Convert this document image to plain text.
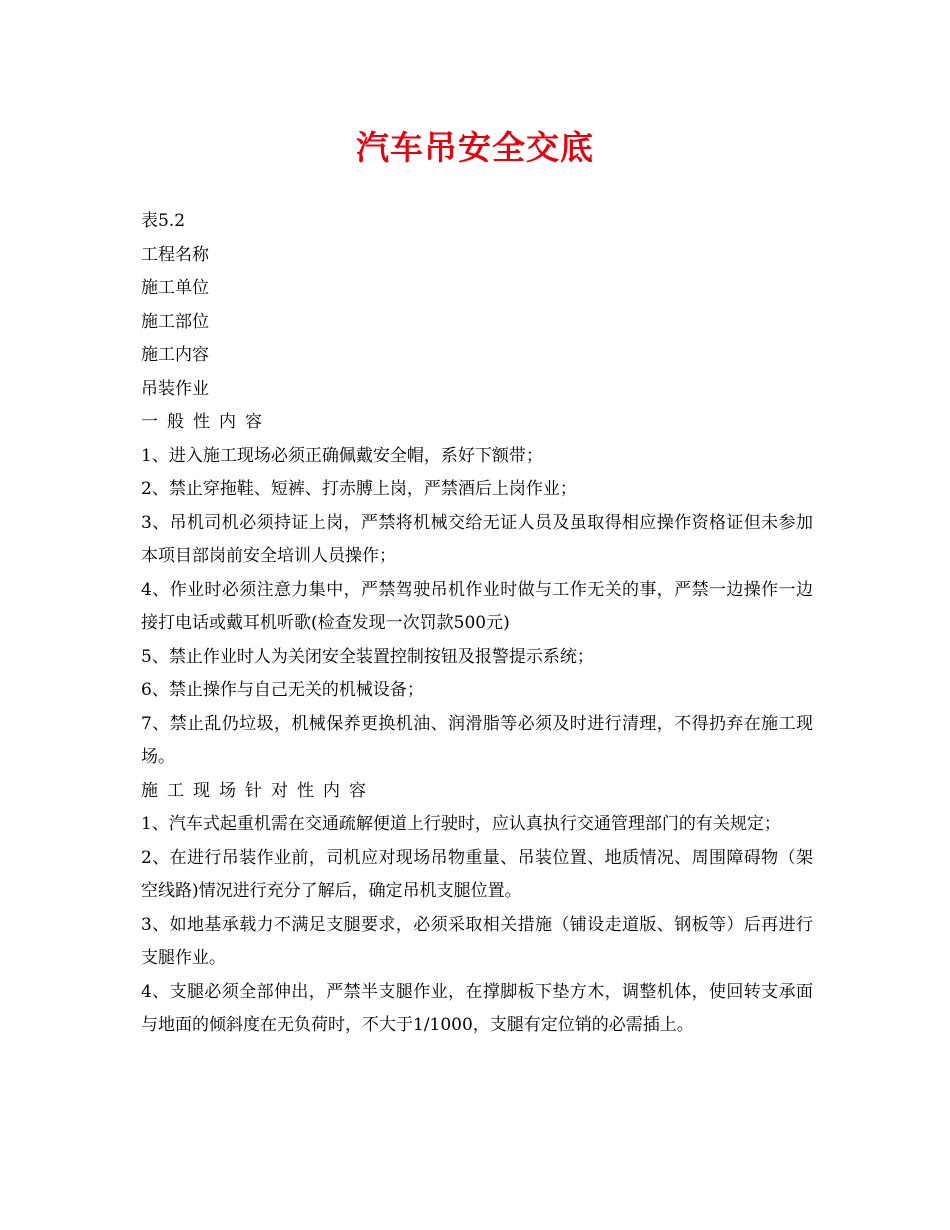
汽车吊安全交底
表5.2
工程名称
施工单位
施工部位
施工内容
吊装作业
一般性内容
1、进入施工现场必须正确佩戴安全帽，系好下额带；
2、禁止穿拖鞋、短裤、打赤膊上岗，严禁酒后上岗作业；
3、吊机司机必须持证上岗，严禁将机械交给无证人员及虽取得相应操作资格证但未参加本项目部岗前安全培训人员操作；
4、作业时必须注意力集中，严禁驾驶吊机作业时做与工作无关的事，严禁一边操作一边接打电话或戴耳机听歌(检查发现一次罚款500元)
5、禁止作业时人为关闭安全装置控制按钮及报警提示系统；
6、禁止操作与自己无关的机械设备；
7、禁止乱仍垃圾，机械保养更换机油、润滑脂等必须及时进行清理，不得扔弃在施工现场。
施工现场针对性内容
1、汽车式起重机需在交通疏解便道上行驶时，应认真执行交通管理部门的有关规定；
2、在进行吊装作业前，司机应对现场吊物重量、吊装位置、地质情况、周围障碍物（架空线路)情况进行充分了解后，确定吊机支腿位置。
3、如地基承载力不满足支腿要求，必须采取相关措施（铺设走道版、钢板等）后再进行支腿作业。
4、支腿必须全部伸出，严禁半支腿作业，在撑脚板下垫方木，调整机体，使回转支承面与地面的倾斜度在无负荷时，不大于1/1000，支腿有定位销的必需插上。
